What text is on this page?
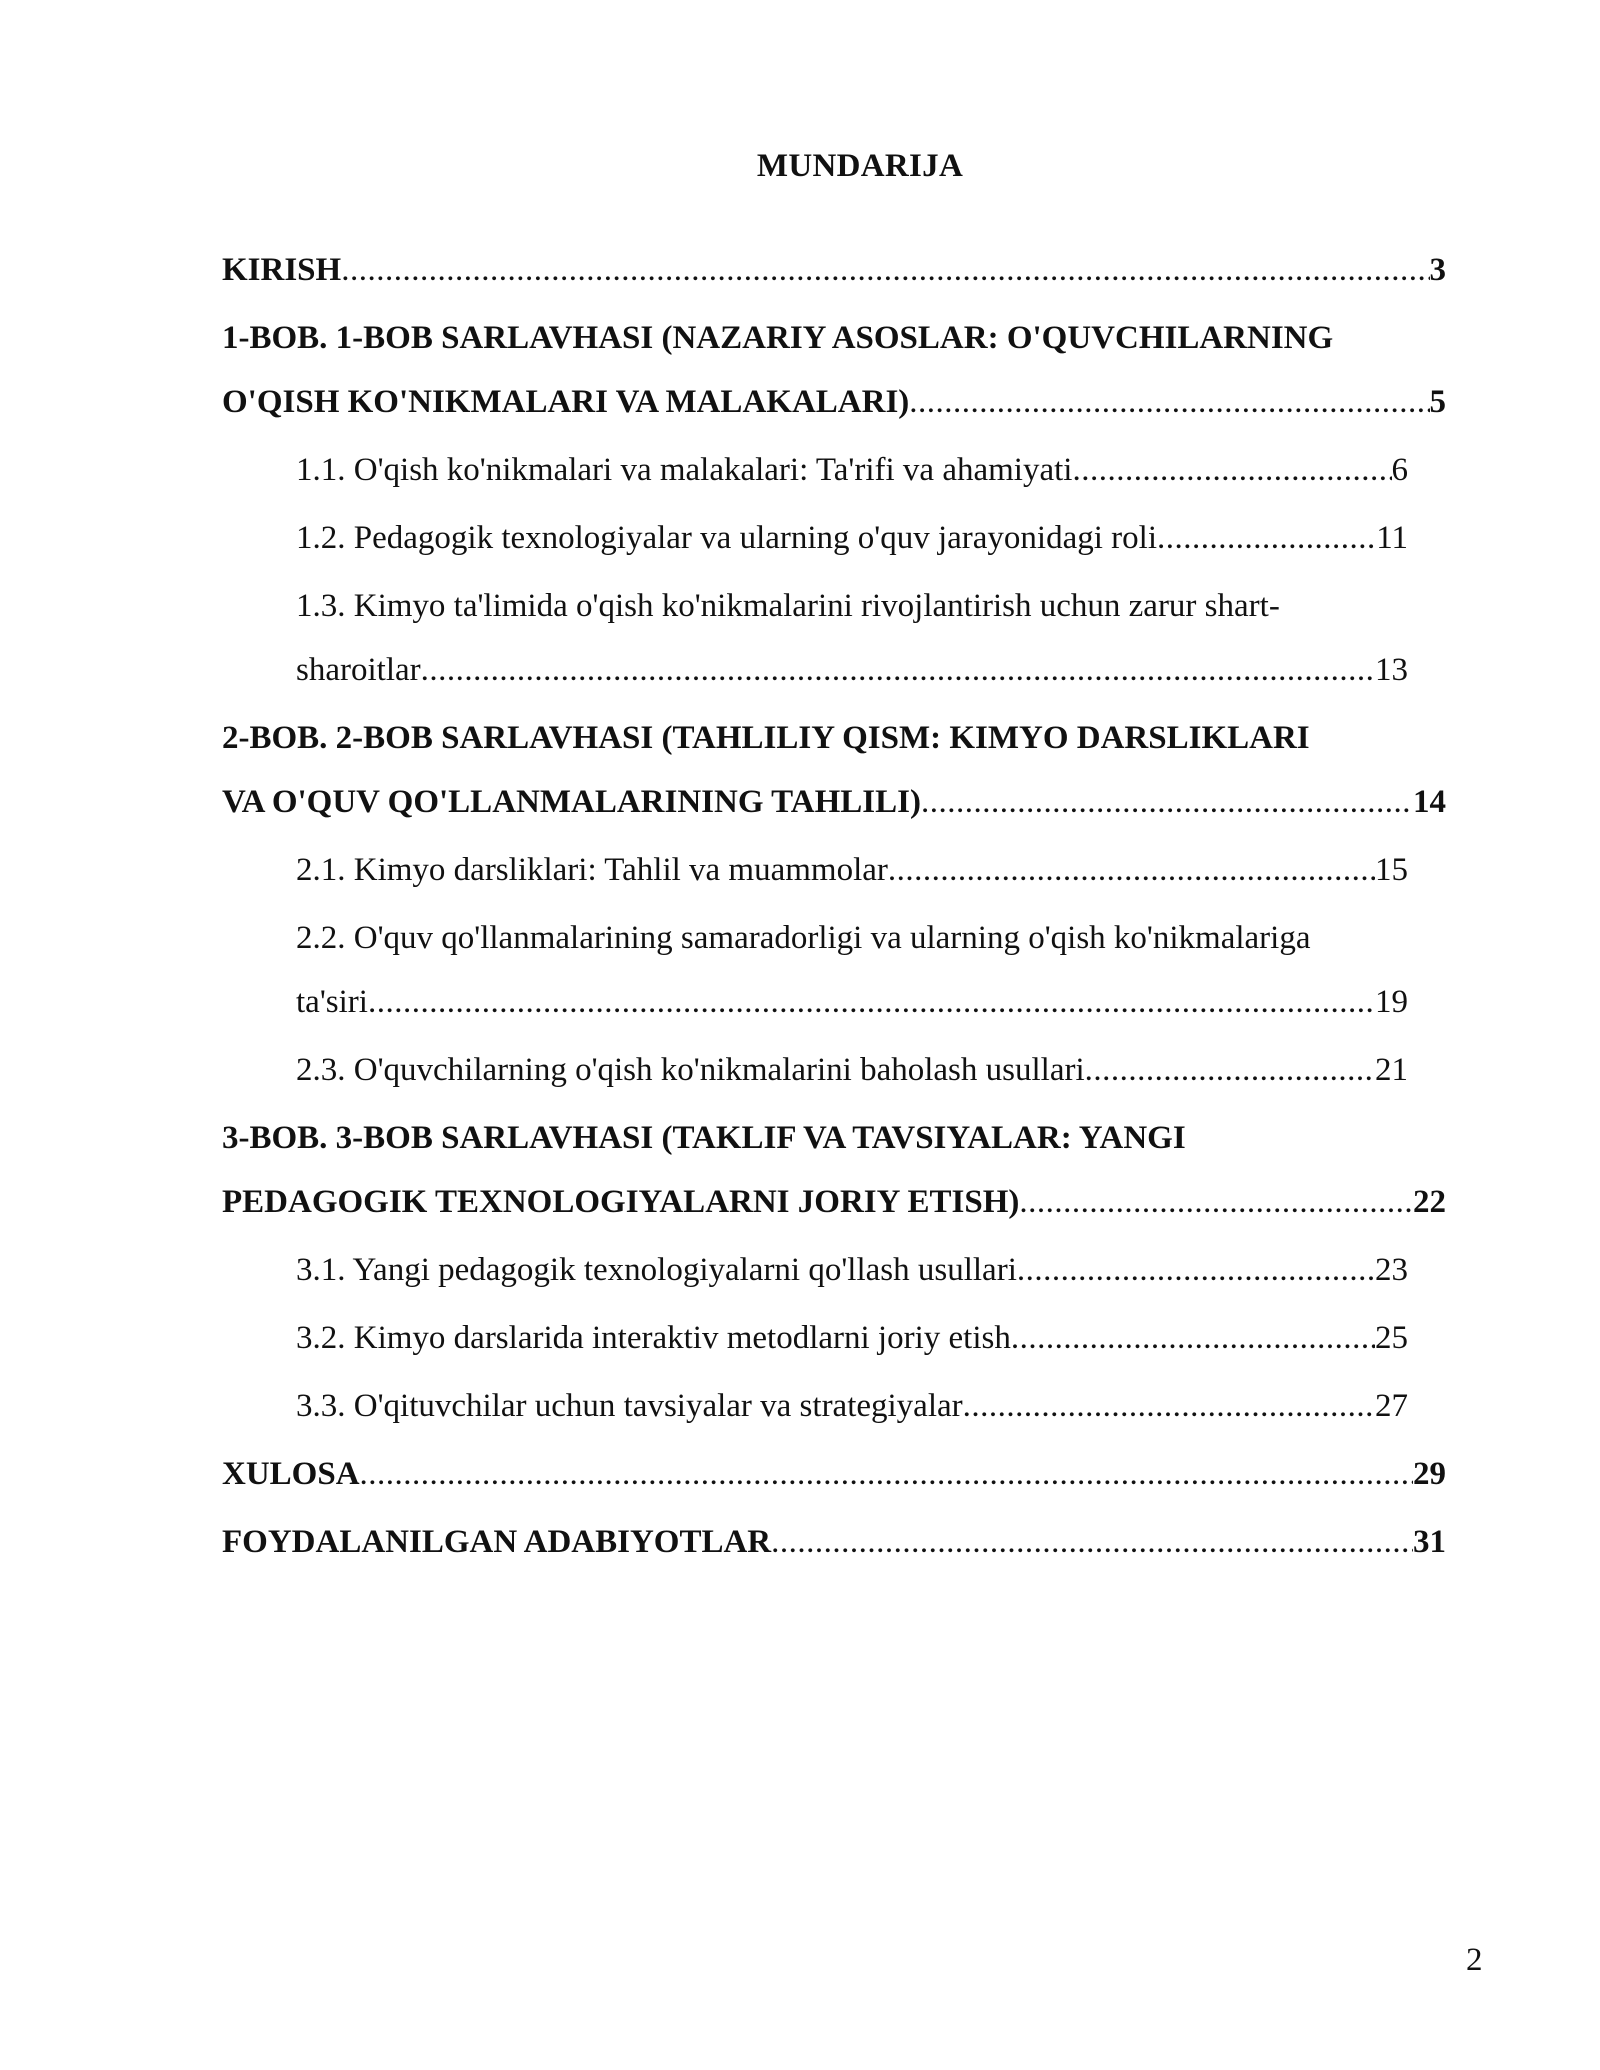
MUNDARIJA
KIRISH .....	3
1-BOB. 1-BOB SARLAVHASI (NAZARIY ASOSLAR: O'QUVCHILARNING
O'QISH KO'NIKMALARI VA MALAKALARI) .....	5
1.1. O'qish ko'nikmalari va malakalari: Ta'rifi va ahamiyati .....	6
1.2. Pedagogik texnologiyalar va ularning o'quv jarayonidagi roli .....	11
1.3. Kimyo ta'limida o'qish ko'nikmalarini rivojlantirish uchun zarur shart-
sharoitlar .....	13
2-BOB. 2-BOB SARLAVHASI (TAHLILIY QISM: KIMYO DARSLIKLARI
VA O'QUV QO'LLANMALARINING TAHLILI) .....	14
2.1. Kimyo darsliklari: Tahlil va muammolar .....	15
2.2. O'quv qo'llanmalarining samaradorligi va ularning o'qish ko'nikmalariga
ta'siri .....	19
2.3. O'quvchilarning o'qish ko'nikmalarini baholash usullari .....	21
3-BOB. 3-BOB SARLAVHASI (TAKLIF VA TAVSIYALAR: YANGI
PEDAGOGIK TEXNOLOGIYALARNI JORIY ETISH) .....	22
3.1. Yangi pedagogik texnologiyalarni qo'llash usullari .....	23
3.2. Kimyo darslarida interaktiv metodlarni joriy etish .....	25
3.3. O'qituvchilar uchun tavsiyalar va strategiyalar .....	27
XULOSA .....	29
FOYDALANILGAN ADABIYOTLAR .....	31
2
